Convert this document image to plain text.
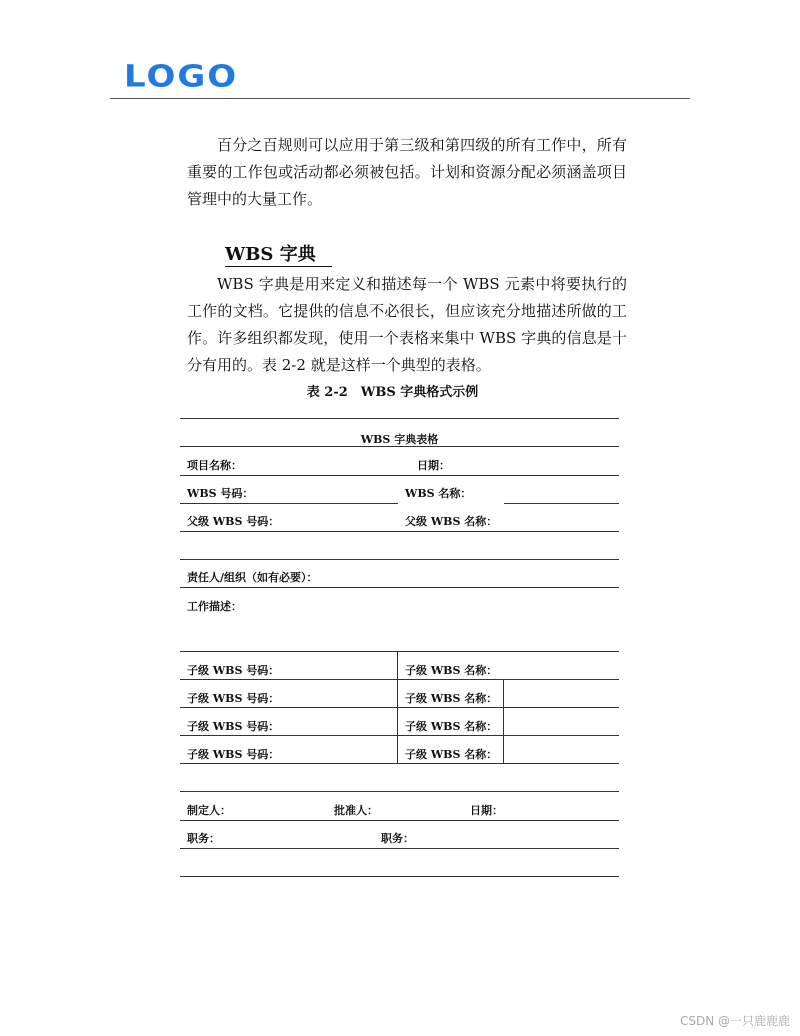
LOGO

百分之百规则可以应用于第三级和第四级的所有工作中，所有重要的工作包或活动都必须被包括。计划和资源分配必须涵盖项目管理中的大量工作。

WBS 字典

WBS 字典是用来定义和描述每一个 WBS 元素中将要执行的工作的文档。它提供的信息不必很长，但应该充分地描述所做的工作。许多组织都发现，使用一个表格来集中 WBS 字典的信息是十分有用的。表 2-2 就是这样一个典型的表格。

表 2-2　WBS 字典格式示例
WBS 字典表格
项目名称：	日期：
WBS 号码：	WBS 名称：
父级 WBS 号码：	父级 WBS 名称：
责任人/组织（如有必要）：
工作描述：
子级 WBS 号码：	子级 WBS 名称：
子级 WBS 号码：	子级 WBS 名称：
子级 WBS 号码：	子级 WBS 名称：
子级 WBS 号码：	子级 WBS 名称：
制定人：	批准人：	日期：
职务：	职务：
CSDN @一只鹿鹿鹿
